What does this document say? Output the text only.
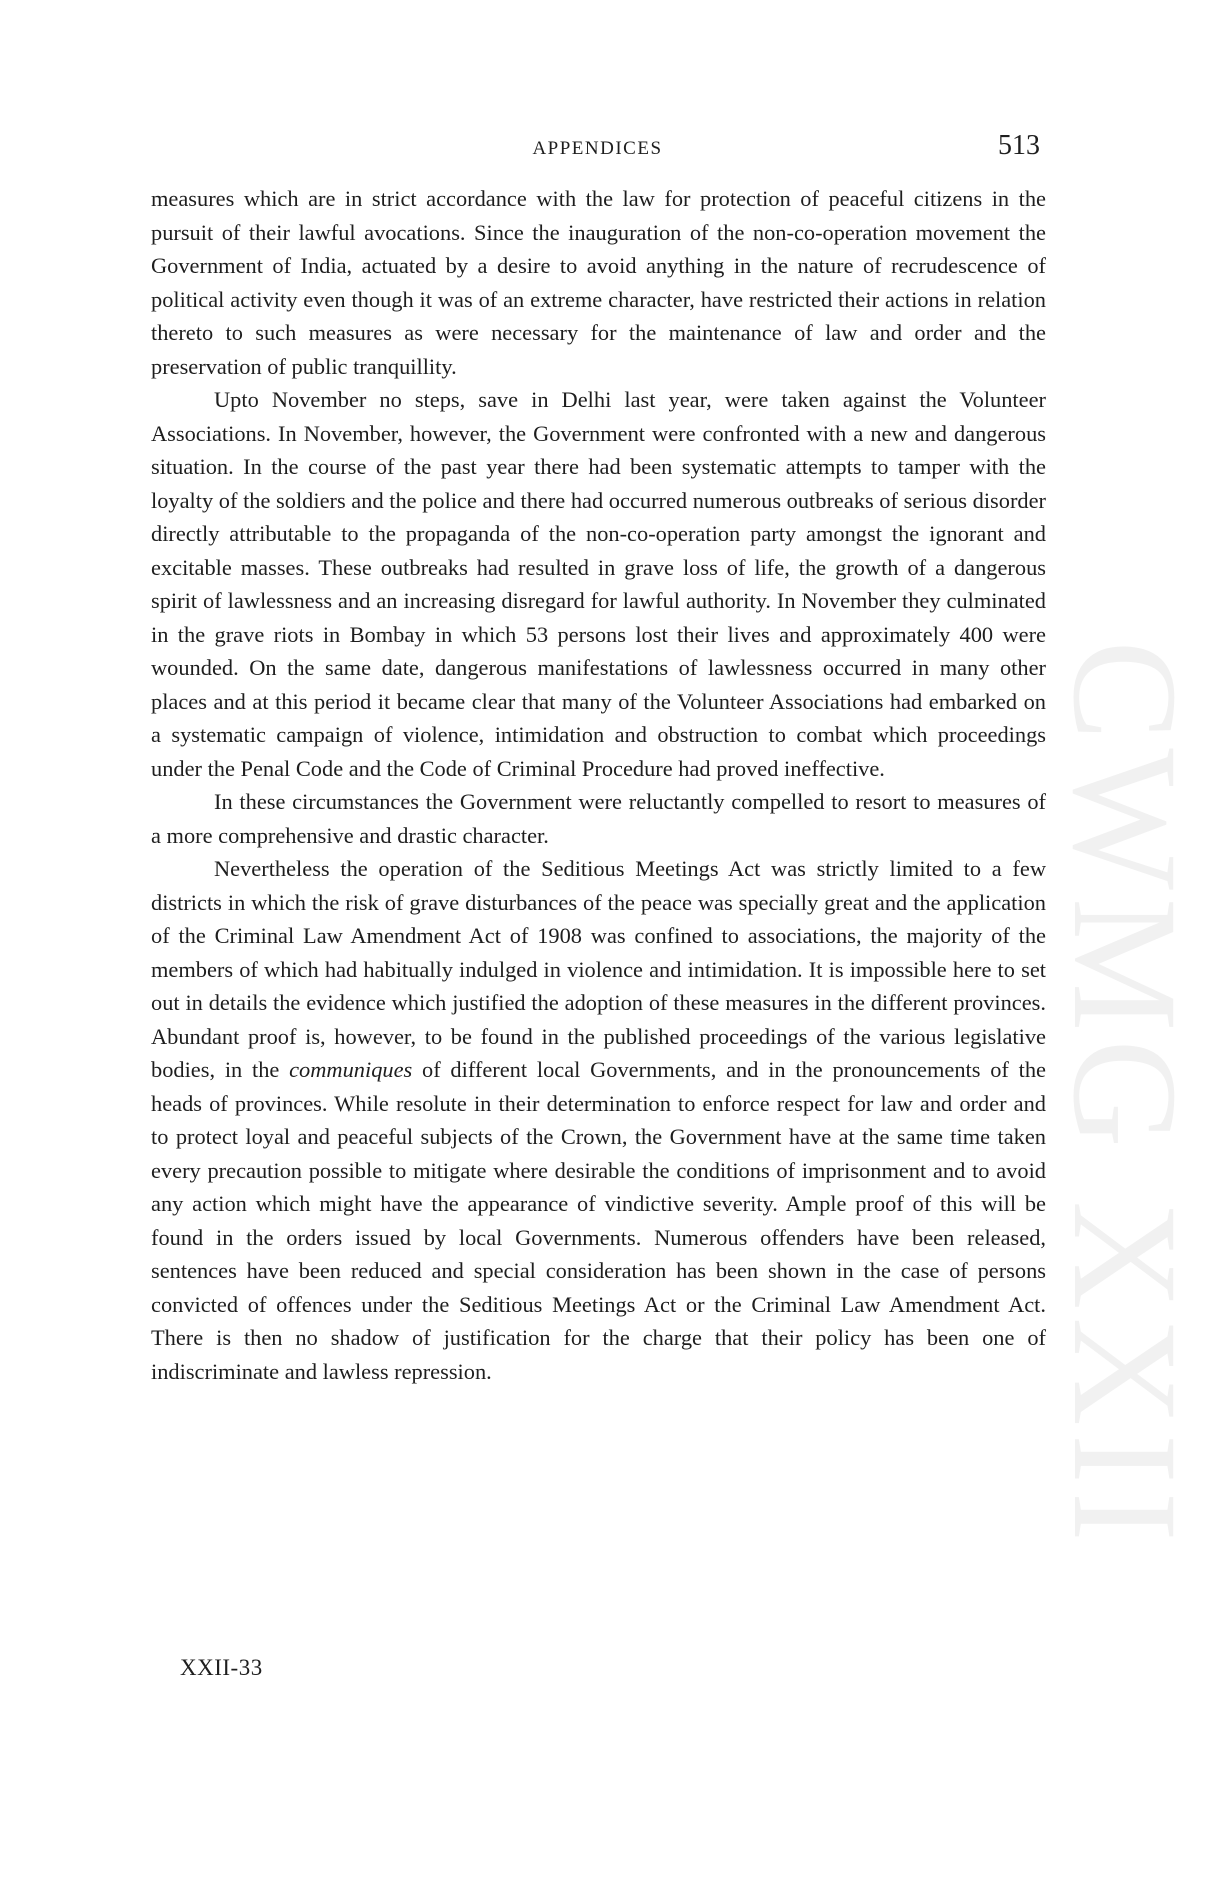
CWMG XXII
APPENDICES	513

measures which are in strict accordance with the law for protection of peaceful citizens in the pursuit of their lawful avocations. Since the inauguration of the non-co-operation movement the Government of India, actuated by a desire to avoid anything in the nature of recrudescence of political activity even though it was of an extreme character, have restricted their actions in relation thereto to such measures as were necessary for the maintenance of law and order and the preservation of public tranquillity.

Upto November no steps, save in Delhi last year, were taken against the Volunteer Associations. In November, however, the Government were confronted with a new and dangerous situation. In the course of the past year there had been systematic attempts to tamper with the loyalty of the soldiers and the police and there had occurred numerous outbreaks of serious disorder directly attributable to the propaganda of the non-co-operation party amongst the ignorant and excitable masses. These outbreaks had resulted in grave loss of life, the growth of a dangerous spirit of lawlessness and an increasing disregard for lawful authority. In November they culminated in the grave riots in Bombay in which 53 persons lost their lives and approximately 400 were wounded. On the same date, dangerous manifestations of lawlessness occurred in many other places and at this period it became clear that many of the Volunteer Associations had embarked on a systematic campaign of violence, intimidation and obstruction to combat which proceedings under the Penal Code and the Code of Criminal Procedure had proved ineffective.

In these circumstances the Government were reluctantly compelled to resort to measures of a more comprehensive and drastic character.

Nevertheless the operation of the Seditious Meetings Act was strictly limited to a few districts in which the risk of grave disturbances of the peace was specially great and the application of the Criminal Law Amendment Act of 1908 was confined to associations, the majority of the members of which had habitually indulged in violence and intimidation. It is impossible here to set out in details the evidence which justified the adoption of these measures in the different provinces. Abundant proof is, however, to be found in the published proceedings of the various legislative bodies, in the communiques of different local Governments, and in the pronouncements of the heads of provinces. While resolute in their determination to enforce respect for law and order and to protect loyal and peaceful subjects of the Crown, the Government have at the same time taken every precaution possible to mitigate where desirable the conditions of imprisonment and to avoid any action which might have the appearance of vindictive severity. Ample proof of this will be found in the orders issued by local Governments. Numerous offenders have been released, sentences have been reduced and special consideration has been shown in the case of persons convicted of offences under the Seditious Meetings Act or the Criminal Law Amendment Act. There is then no shadow of justification for the charge that their policy has been one of indiscriminate and lawless repression.

XXII-33
